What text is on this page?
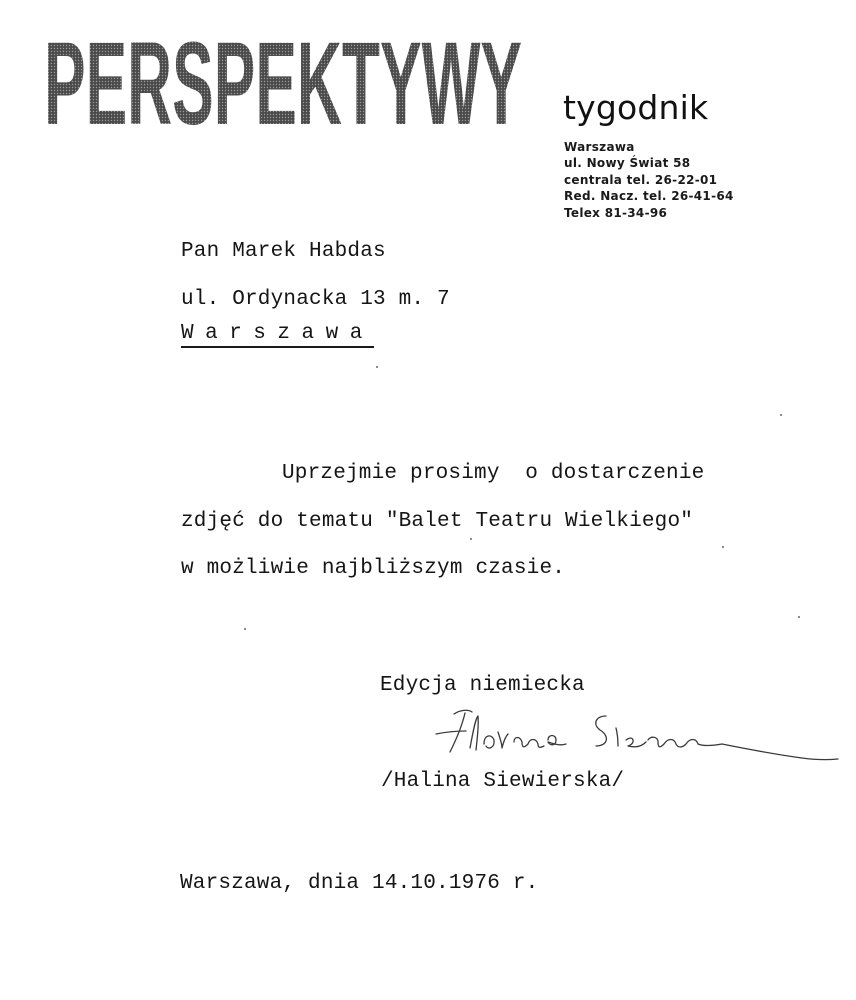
PERSPEKTYWY tygodnik
Warszawa
ul. Nowy Świat 58
centrala tel. 26-22-01
Red. Nacz. tel. 26-41-64
Telex 81-34-96
Pan Marek Habdas
ul. Ordynacka 13 m. 7
Warszawa
Uprzejmie prosimy  o dostarczenie
zdjęć do tematu "Balet Teatru Wielkiego"
w możliwie najbliższym czasie.
Edycja niemiecka
/Halina Siewierska/
Warszawa, dnia 14.10.1976 r.
